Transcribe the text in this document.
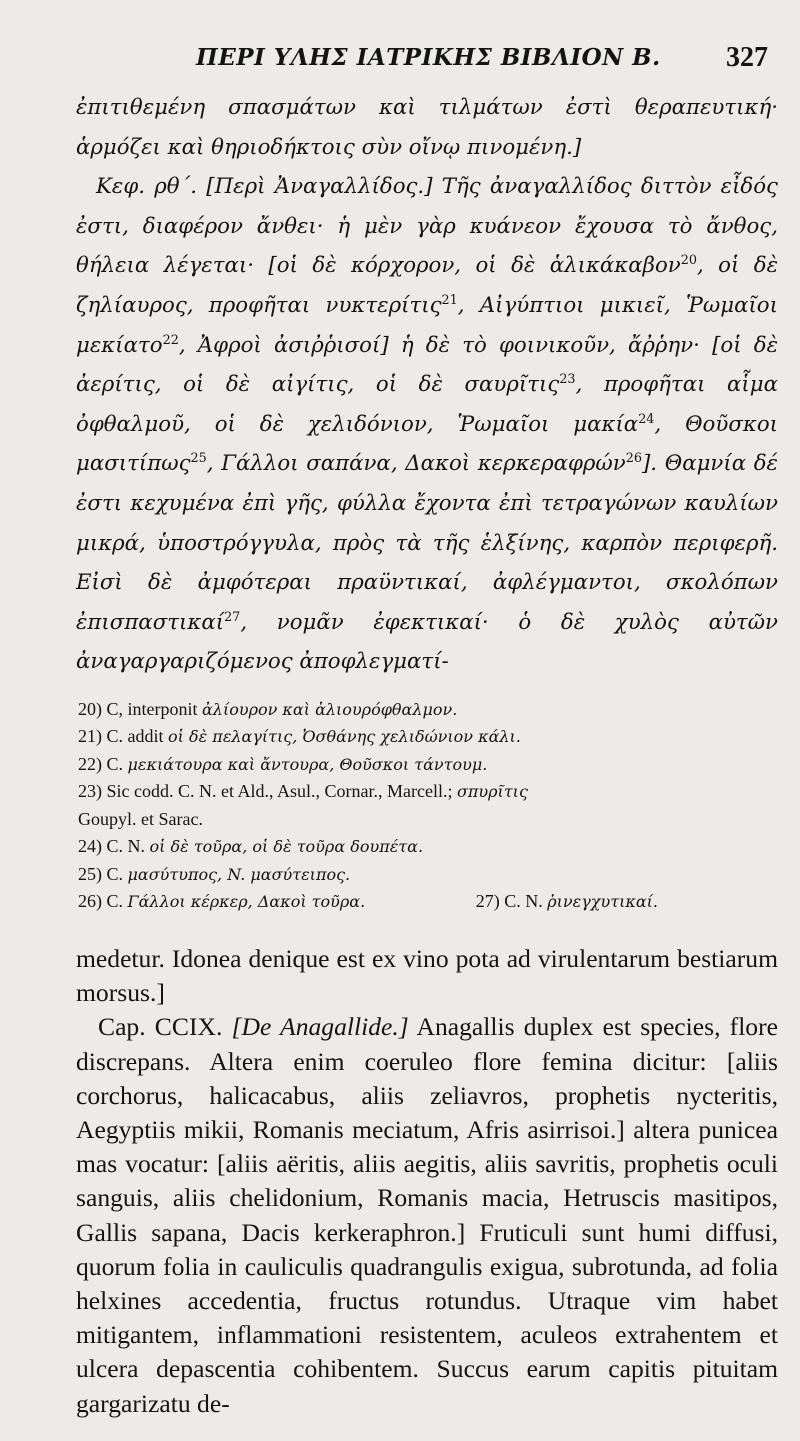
ΠΕΡΙ ΥΛΗΣ ΙΑΤΡΙΚΗΣ ΒΙΒΛΙΟΝ Β. 327

ἐπιτιθεμένη σπασμάτων καὶ τιλμάτων ἐστὶ θεραπευτική· ἁρμόζει καὶ θηριοδήκτοις σὺν οἴνῳ πινομένη.]

Κεφ. ρθ΄. [Περὶ Ἀναγαλλίδος.] Τῆς ἀναγαλλίδος διττὸν εἶδός ἐστι, διαφέρον ἄνθει· ἡ μὲν γὰρ κυάνεον ἔχουσα τὸ ἄνθος, θήλεια λέγεται· [οἱ δὲ κόρχορον, οἱ δὲ ἁλικάκαβον$^{20}$, οἱ δὲ ζηλίαυρος, προφῆται νυκτερίτις$^{21}$, Αἰγύπτιοι μικιεῖ, Ῥωμαῖοι μεκίατο$^{22}$, Ἀφροὶ ἀσιῤῥισοί] ἡ δὲ τὸ φοινικοῦν, ἄῤῥην· [οἱ δὲ ἀερίτις, οἱ δὲ αἰγίτις, οἱ δὲ σαυρῖτις$^{23}$, προφῆται αἷμα ὀφθαλμοῦ, οἱ δὲ χελιδόνιον, Ῥωμαῖοι μακία$^{24}$, Θοῦσκοι μασιτίπως$^{25}$, Γάλλοι σαπάνα, Δακοὶ κερκεραφρών$^{26}$]. Θαμνία δέ ἐστι κεχυμένα ἐπὶ γῆς, φύλλα ἔχοντα ἐπὶ τετραγώνων καυλίων μικρά, ὑποστρόγγυλα, πρὸς τὰ τῆς ἑλξίνης, καρπὸν περιφερῆ. Εἰσὶ δὲ ἀμφότεραι πραϋντικαί, ἀφλέγμαντοι, σκολόπων ἐπισπαστικαί$^{27}$, νομᾶν ἐφεκτικαί· ὁ δὲ χυλὸς αὐτῶν ἀναγαργαριζόμενος ἀποφλεγματί-

20) C, interponit ἀλίουρον καὶ ἁλιουρόφθαλμον.

21) C. addit οἱ δὲ πελαγίτις, Ὀσθάνης χελιδώνιον κάλι.

22) C. μεκιάτουρα καὶ ἄντουρα, Θοῦσκοι τάντουμ.

23) Sic codd. C. N. et Ald., Asul., Cornar., Marcell.; σπυρῖτις
Goupyl. et Sarac.

24) C. N. οἱ δὲ τοῦρα, οἱ δὲ τοῦρα δουπέτα.

25) C. μασύτυπος, N. μασύτειπος.

26) C. Γάλλοι κέρκερ, Δακοὶ τοῦρα.	27) C. N. ῥινεγχυτικαί.

medetur. Idonea denique est ex vino pota ad virulentarum bestiarum morsus.]

Cap. CCIX. [De Anagallide.] Anagallis duplex est species, flore discrepans. Altera enim coeruleo flore femina dicitur: [aliis corchorus, halicacabus, aliis zeliavros, prophetis nycteritis, Aegyptiis mikii, Romanis meciatum, Afris asirrisoi.] altera punicea mas vocatur: [aliis aëritis, aliis aegitis, aliis savritis, prophetis oculi sanguis, aliis chelidonium, Romanis macia, Hetruscis masitipos, Gallis sapana, Dacis kerkeraphron.] Fruticuli sunt humi diffusi, quorum folia in cauliculis quadrangulis exigua, subrotunda, ad folia helxines accedentia, fructus rotundus. Utraque vim habet mitigantem, inflammationi resistentem, aculeos extrahentem et ulcera depascentia cohibentem. Succus earum capitis pituitam gargarizatu de-
